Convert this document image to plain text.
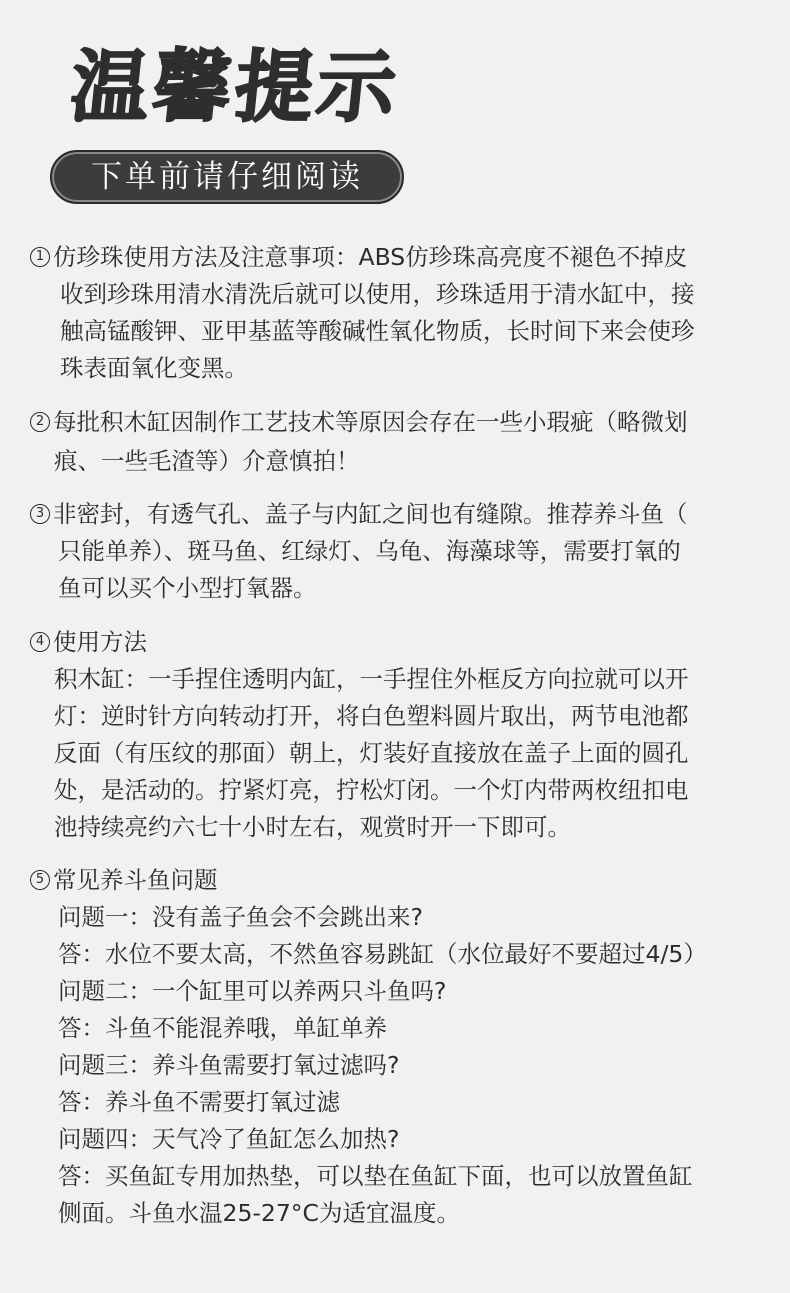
温馨提示
下单前请仔细阅读
1 仿珍珠使用方法及注意事项：ABS仿珍珠高亮度不褪色不掉皮
收到珍珠用清水清洗后就可以使用，珍珠适用于清水缸中，接
触高锰酸钾、亚甲基蓝等酸碱性氧化物质，长时间下来会使珍
珠表面氧化变黑。
2 每批积木缸因制作工艺技术等原因会存在一些小瑕疵（略微划
痕、一些毛渣等）介意慎拍！
3 非密封，有透气孔、盖子与内缸之间也有缝隙。推荐养斗鱼（
只能单养）、斑马鱼、红绿灯、乌龟、海藻球等，需要打氧的
鱼可以买个小型打氧器。
4 使用方法
积木缸：一手捏住透明内缸，一手捏住外框反方向拉就可以开
灯：逆时针方向转动打开，将白色塑料圆片取出，两节电池都
反面（有压纹的那面）朝上，灯装好直接放在盖子上面的圆孔
处，是活动的。拧紧灯亮，拧松灯闭。一个灯内带两枚纽扣电
池持续亮约六七十小时左右，观赏时开一下即可。
5 常见养斗鱼问题
问题一：没有盖子鱼会不会跳出来?
答：水位不要太高，不然鱼容易跳缸（水位最好不要超过4/5）
问题二：一个缸里可以养两只斗鱼吗?
答：斗鱼不能混养哦，单缸单养
问题三：养斗鱼需要打氧过滤吗?
答：养斗鱼不需要打氧过滤
问题四：天气冷了鱼缸怎么加热?
答：买鱼缸专用加热垫，可以垫在鱼缸下面，也可以放置鱼缸
侧面。斗鱼水温25-27°C为适宜温度。
